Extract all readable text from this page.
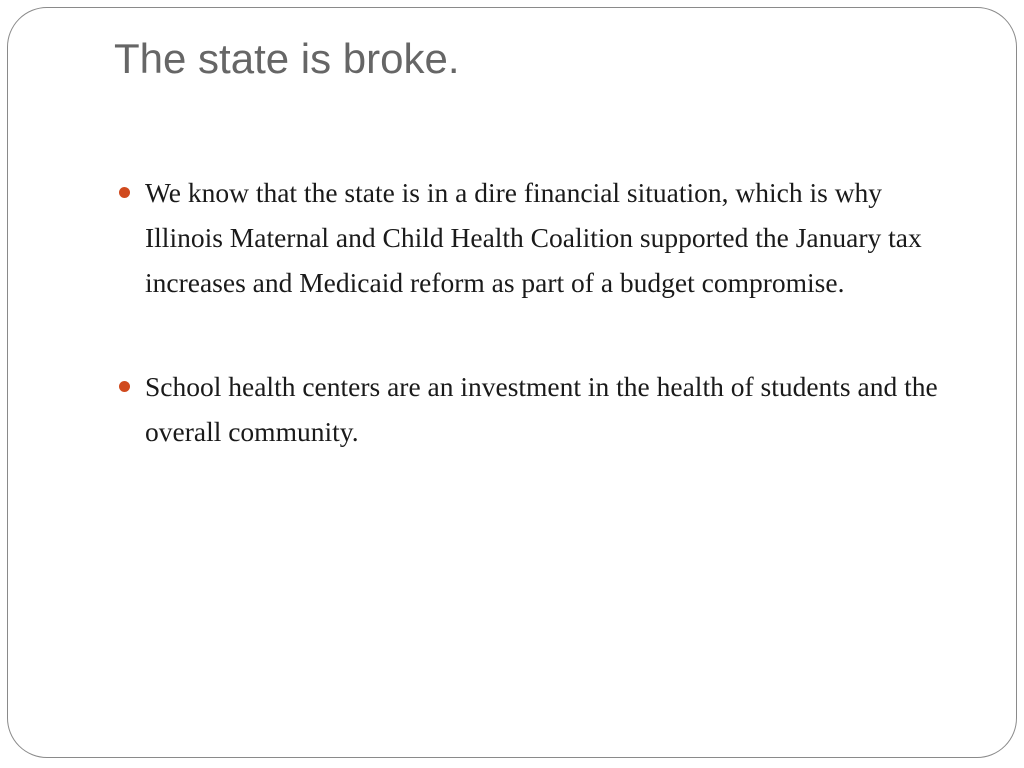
The state is broke.
We know that the state is in a dire financial situation, which is why Illinois Maternal and Child Health Coalition supported the January tax increases and Medicaid reform as part of a budget compromise.
School health centers are an investment in the health of students and the overall community.
